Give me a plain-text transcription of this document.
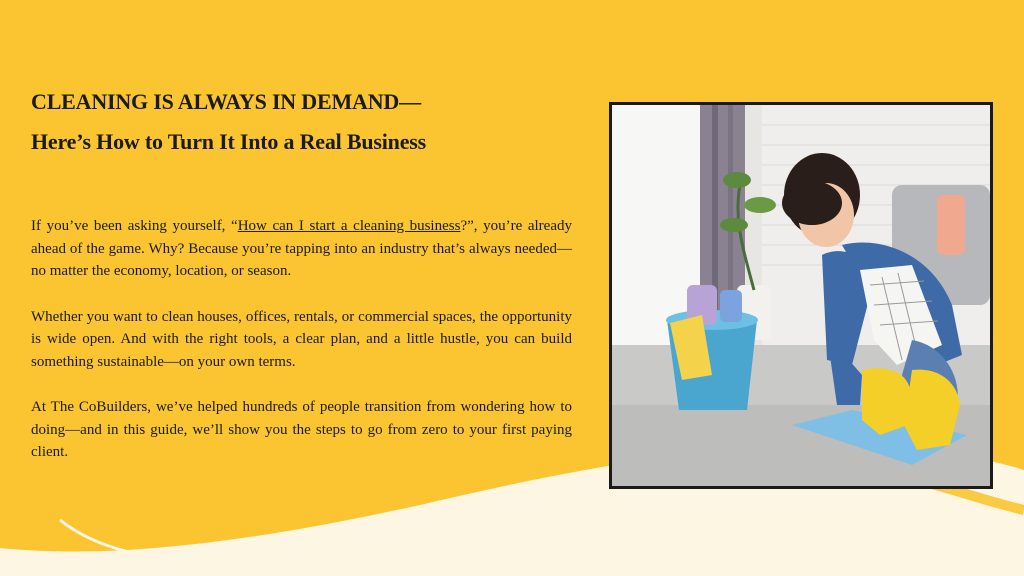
CLEANING IS ALWAYS IN DEMAND—
Here’s How to Turn It Into a Real Business

If you’ve been asking yourself, “How can I start a cleaning business?”, you’re already ahead of the game. Why? Because you’re tapping into an industry that’s always needed—no matter the economy, location, or season.

Whether you want to clean houses, offices, rentals, or commercial spaces, the opportunity is wide open. And with the right tools, a clear plan, and a little hustle, you can build something sustainable—on your own terms.

At The CoBuilders, we’ve helped hundreds of people transition from wondering how to doing—and in this guide, we’ll show you the steps to go from zero to your first paying client.
